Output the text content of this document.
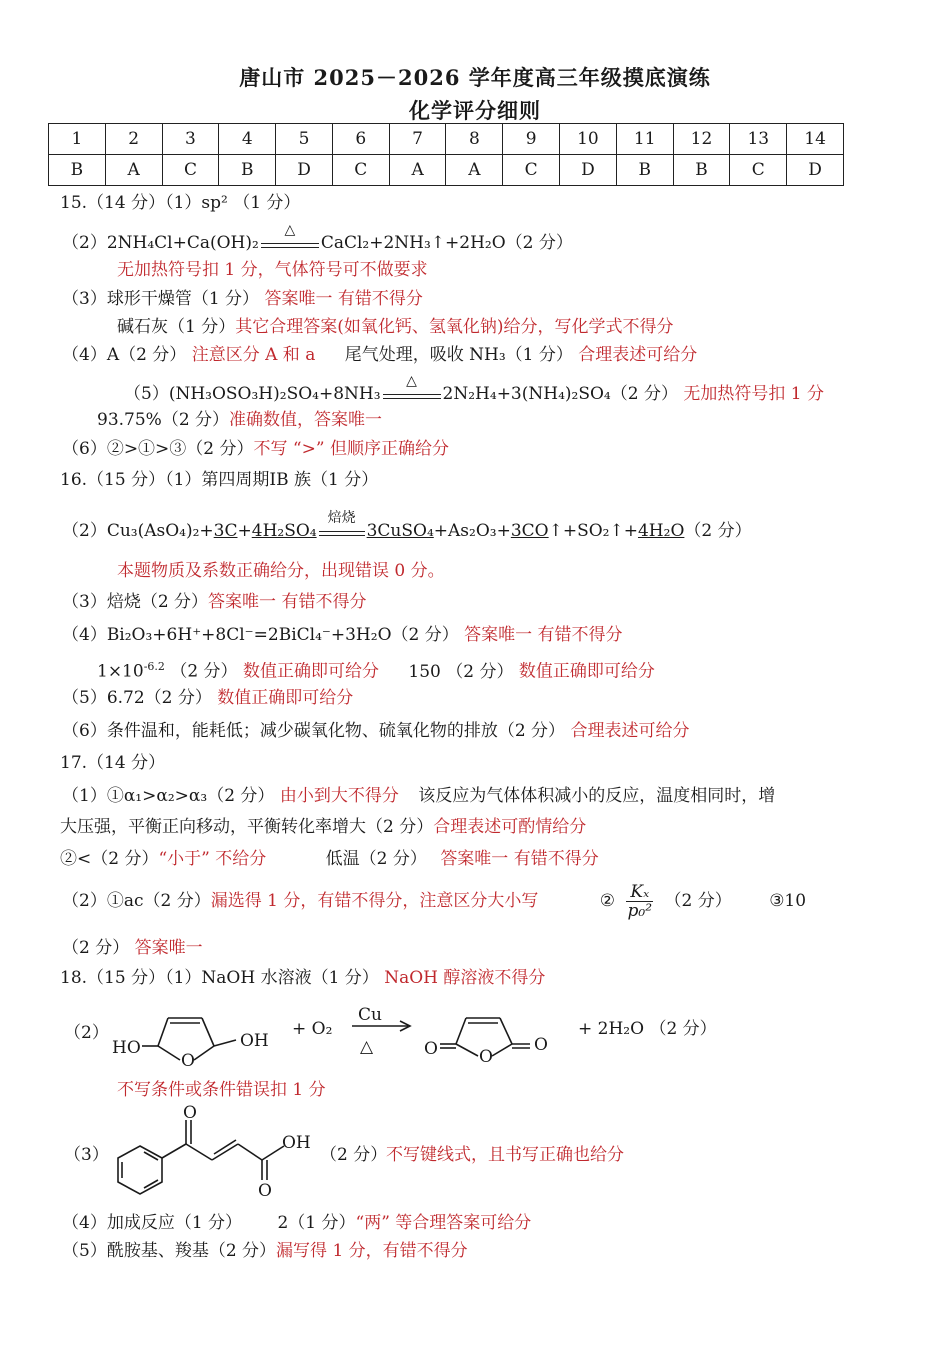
唐山市 2025－2026 学年度高三年级摸底演练
化学评分细则
1	2	3	4	5	6	7	8	9	10	11	12	13	14
B	A	C	B	D	C	A	A	C	D	B	B	C	D
15.（14 分）（1）sp² （1 分）
（2）2NH₄Cl+Ca(OH)₂
△
CaCl₂+2NH₃↑+2H₂O（2 分）
无加热符号扣 1 分，气体符号可不做要求
（3）球形干燥管（1 分） 答案唯一 有错不得分
碱石灰（1 分）其它合理答案(如氧化钙、氢氧化钠)给分，写化学式不得分
（4）A（2 分） 注意区分 A 和 a 尾气处理，吸收 NH₃（1 分） 合理表述可给分
（5）(NH₃OSO₃H)₂SO₄+8NH₃
△
2N₂H₄+3(NH₄)₂SO₄（2 分） 无加热符号扣 1 分
93.75%（2 分）准确数值，答案唯一
（6）②>①>③（2 分）不写 “>” 但顺序正确给分
16.（15 分）（1）第四周期IB 族（1 分）
（2）Cu₃(AsO₄)₂+3C+4H₂SO₄
焙烧
3CuSO₄+As₂O₃+3CO↑+SO₂↑+4H₂O（2 分）
本题物质及系数正确给分，出现错误 0 分。
（3）焙烧（2 分）答案唯一 有错不得分
（4）Bi₂O₃+6H⁺+8Cl⁻=2BiCl₄⁻+3H₂O（2 分） 答案唯一 有错不得分
$1\times 10^{-6.2}$ （2 分） 数值正确即可给分 150 （2 分） 数值正确即可给分
（5）6.72（2 分） 数值正确即可给分
（6）条件温和，能耗低；减少碳氧化物、硫氧化物的排放（2 分） 合理表述可给分
17.（14 分）
（1）①α₁>α₂>α₃（2 分） 由小到大不得分 该反应为气体体积减小的反应，温度相同时，增
大压强，平衡正向移动，平衡转化率增大（2 分）合理表述可酌情给分
②<（2 分）“小于” 不给分	低温（2 分） 答案唯一 有错不得分
（2）①ac（2 分）漏选得 1 分，有错不得分，注意区分大小写	② $\frac{\text{Kₓ}}{\text{p₀²}} (2$ 分） ③10
（2 分） 答案唯一
18.（15 分）（1）NaOH 水溶液（1 分） NaOH 醇溶液不得分
（2）
HO
O
OH
+ O₂
Cu
△	O O
O
+ 2H₂O （2 分）
不写条件或条件错误扣 1 分
（3）
O
OH
O
（2 分）
不写键线式，且书写正确也给分
（4）加成反应（1 分） 2（1 分）“两” 等合理答案可给分
（5）酰胺基、羧基（2 分）漏写得 1 分，有错不得分
